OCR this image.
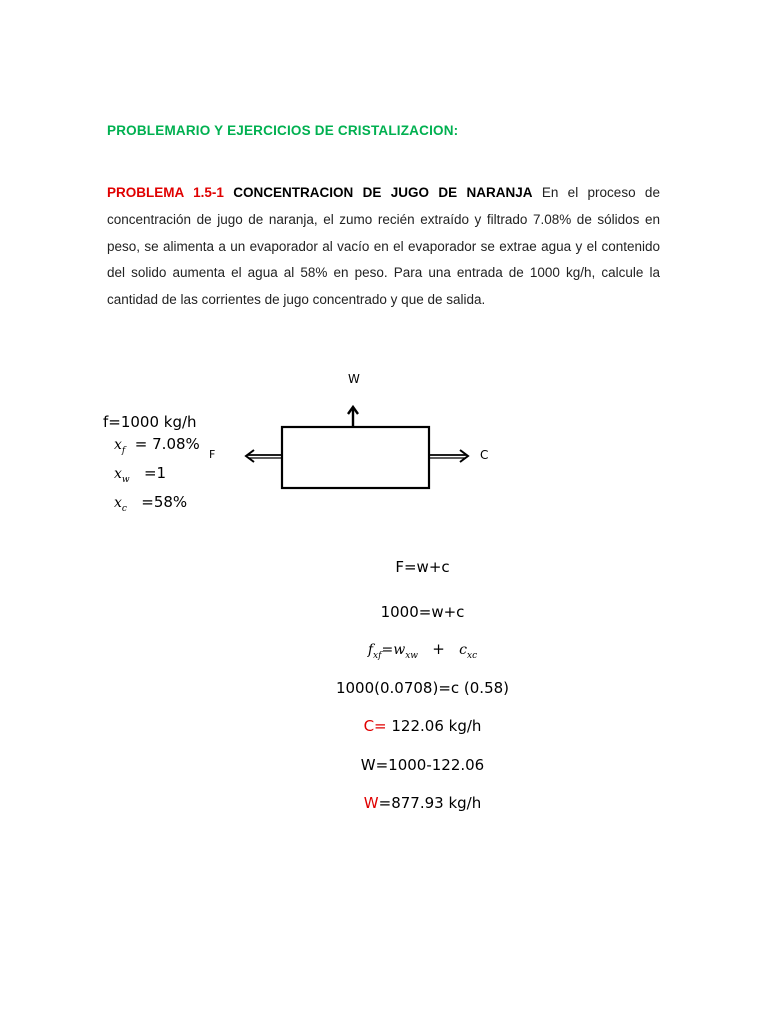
PROBLEMARIO Y EJERCICIOS DE CRISTALIZACION:
PROBLEMA 1.5-1 CONCENTRACION DE JUGO DE NARANJA En el proceso de concentración de jugo de naranja, el zumo recién extraído y filtrado 7.08% de sólidos en peso, se alimenta a un evaporador al vacío en el evaporador se extrae agua y el contenido del solido aumenta el agua al 58% en peso. Para una entrada de 1000 kg/h, calcule la cantidad de las corrientes de jugo concentrado y que de salida.
W
F	C
f=1000 kg/h
$x_f = 7.08\%$
$x_w =1$
$x_c =58\%$
F=w+c
1000=w+c
$f_{xf}=w_{xw} + c_{xc}$
1000(0.0708)=c (0.58)
C= 122.06 kg/h
W=1000-122.06
W=877.93 kg/h
